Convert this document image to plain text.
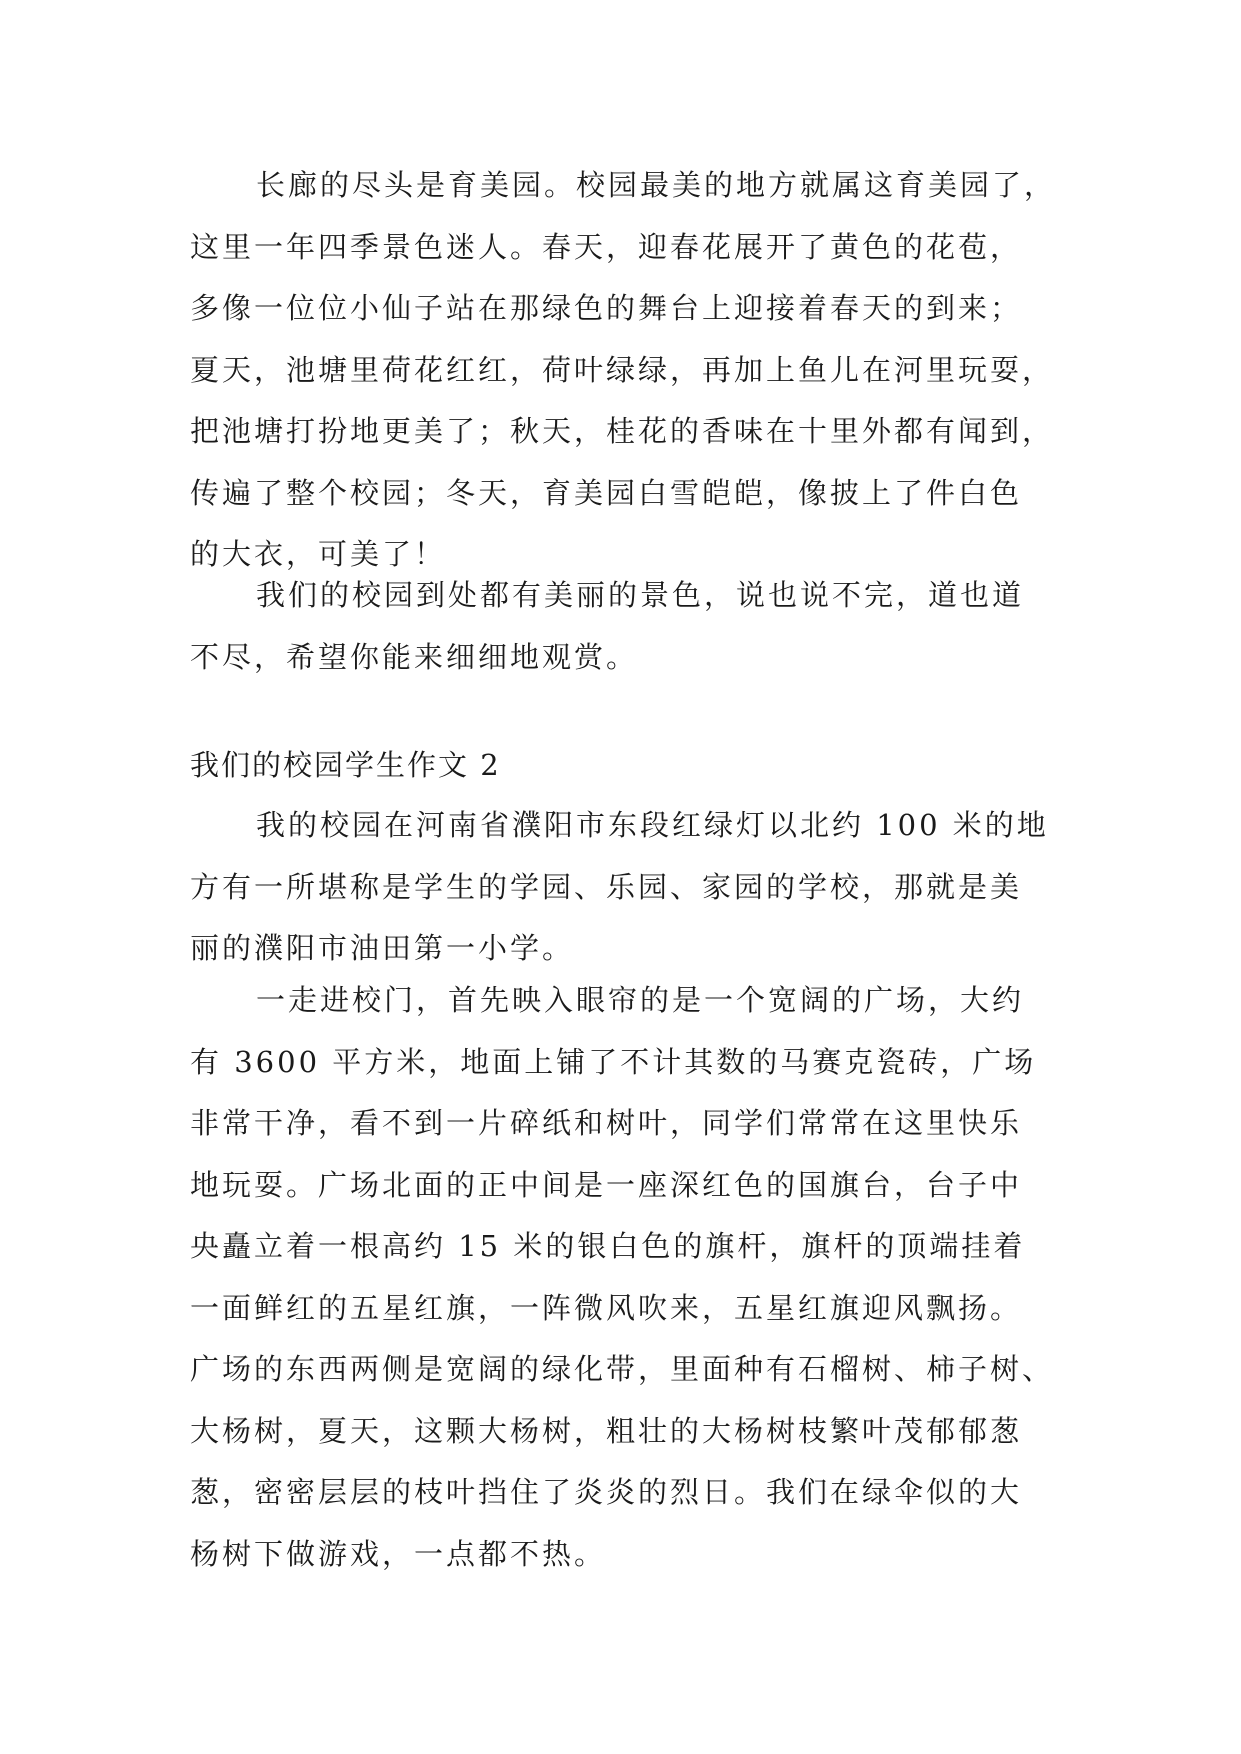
长廊的尽头是育美园。校园最美的地方就属这育美园了，
这里一年四季景色迷人。春天，迎春花展开了黄色的花苞，
多像一位位小仙子站在那绿色的舞台上迎接着春天的到来；
夏天，池塘里荷花红红，荷叶绿绿，再加上鱼儿在河里玩耍，
把池塘打扮地更美了；秋天，桂花的香味在十里外都有闻到，
传遍了整个校园；冬天，育美园白雪皑皑，像披上了件白色
的大衣，可美了！
我们的校园到处都有美丽的景色，说也说不完，道也道
不尽，希望你能来细细地观赏。
我们的校园学生作文 2
我的校园在河南省濮阳市东段红绿灯以北约 100 米的地
方有一所堪称是学生的学园、乐园、家园的学校，那就是美
丽的濮阳市油田第一小学。
一走进校门，首先映入眼帘的是一个宽阔的广场，大约
有 3600 平方米，地面上铺了不计其数的马赛克瓷砖，广场
非常干净，看不到一片碎纸和树叶，同学们常常在这里快乐
地玩耍。广场北面的正中间是一座深红色的国旗台，台子中
央矗立着一根高约 15 米的银白色的旗杆，旗杆的顶端挂着
一面鲜红的五星红旗，一阵微风吹来，五星红旗迎风飘扬。
广场的东西两侧是宽阔的绿化带，里面种有石榴树、柿子树、
大杨树，夏天，这颗大杨树，粗壮的大杨树枝繁叶茂郁郁葱
葱，密密层层的枝叶挡住了炎炎的烈日。我们在绿伞似的大
杨树下做游戏，一点都不热。
